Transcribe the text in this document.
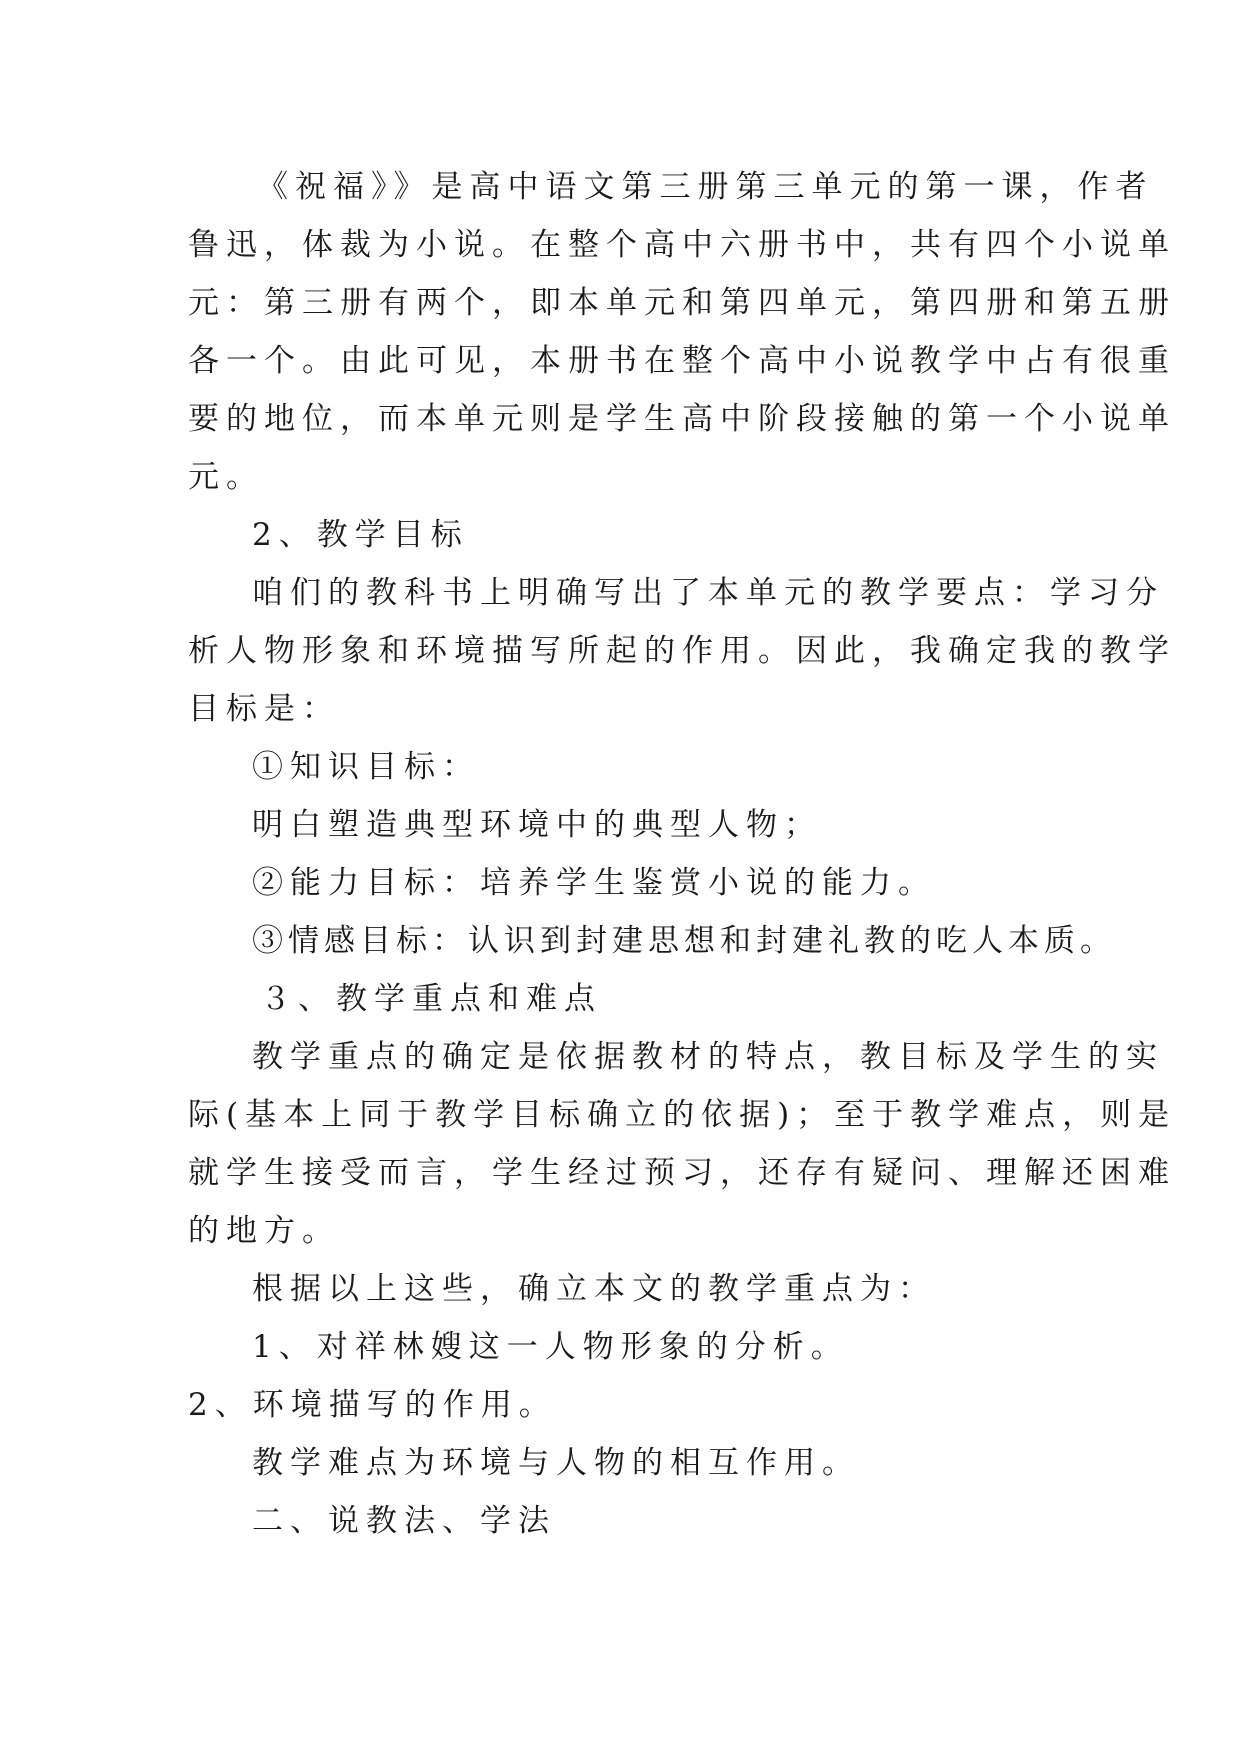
《祝福》》是高中语文第三册第三单元的第一课，作者
鲁迅，体裁为小说。在整个高中六册书中，共有四个小说单
元：第三册有两个，即本单元和第四单元，第四册和第五册
各一个。由此可见，本册书在整个高中小说教学中占有很重
要的地位，而本单元则是学生高中阶段接触的第一个小说单
元。
2、教学目标
咱们的教科书上明确写出了本单元的教学要点：学习分
析人物形象和环境描写所起的作用。因此，我确定我的教学
目标是：
①知识目标：
明白塑造典型环境中的典型人物；
②能力目标：培养学生鉴赏小说的能力。
③情感目标：认识到封建思想和封建礼教的吃人本质。
３、教学重点和难点
教学重点的确定是依据教材的特点，教目标及学生的实
际(基本上同于教学目标确立的依据)；至于教学难点，则是
就学生接受而言，学生经过预习，还存有疑问、理解还困难
的地方。
根据以上这些，确立本文的教学重点为：
1、对祥林嫂这一人物形象的分析。
2、环境描写的作用。
教学难点为环境与人物的相互作用。
二、说教法、学法
